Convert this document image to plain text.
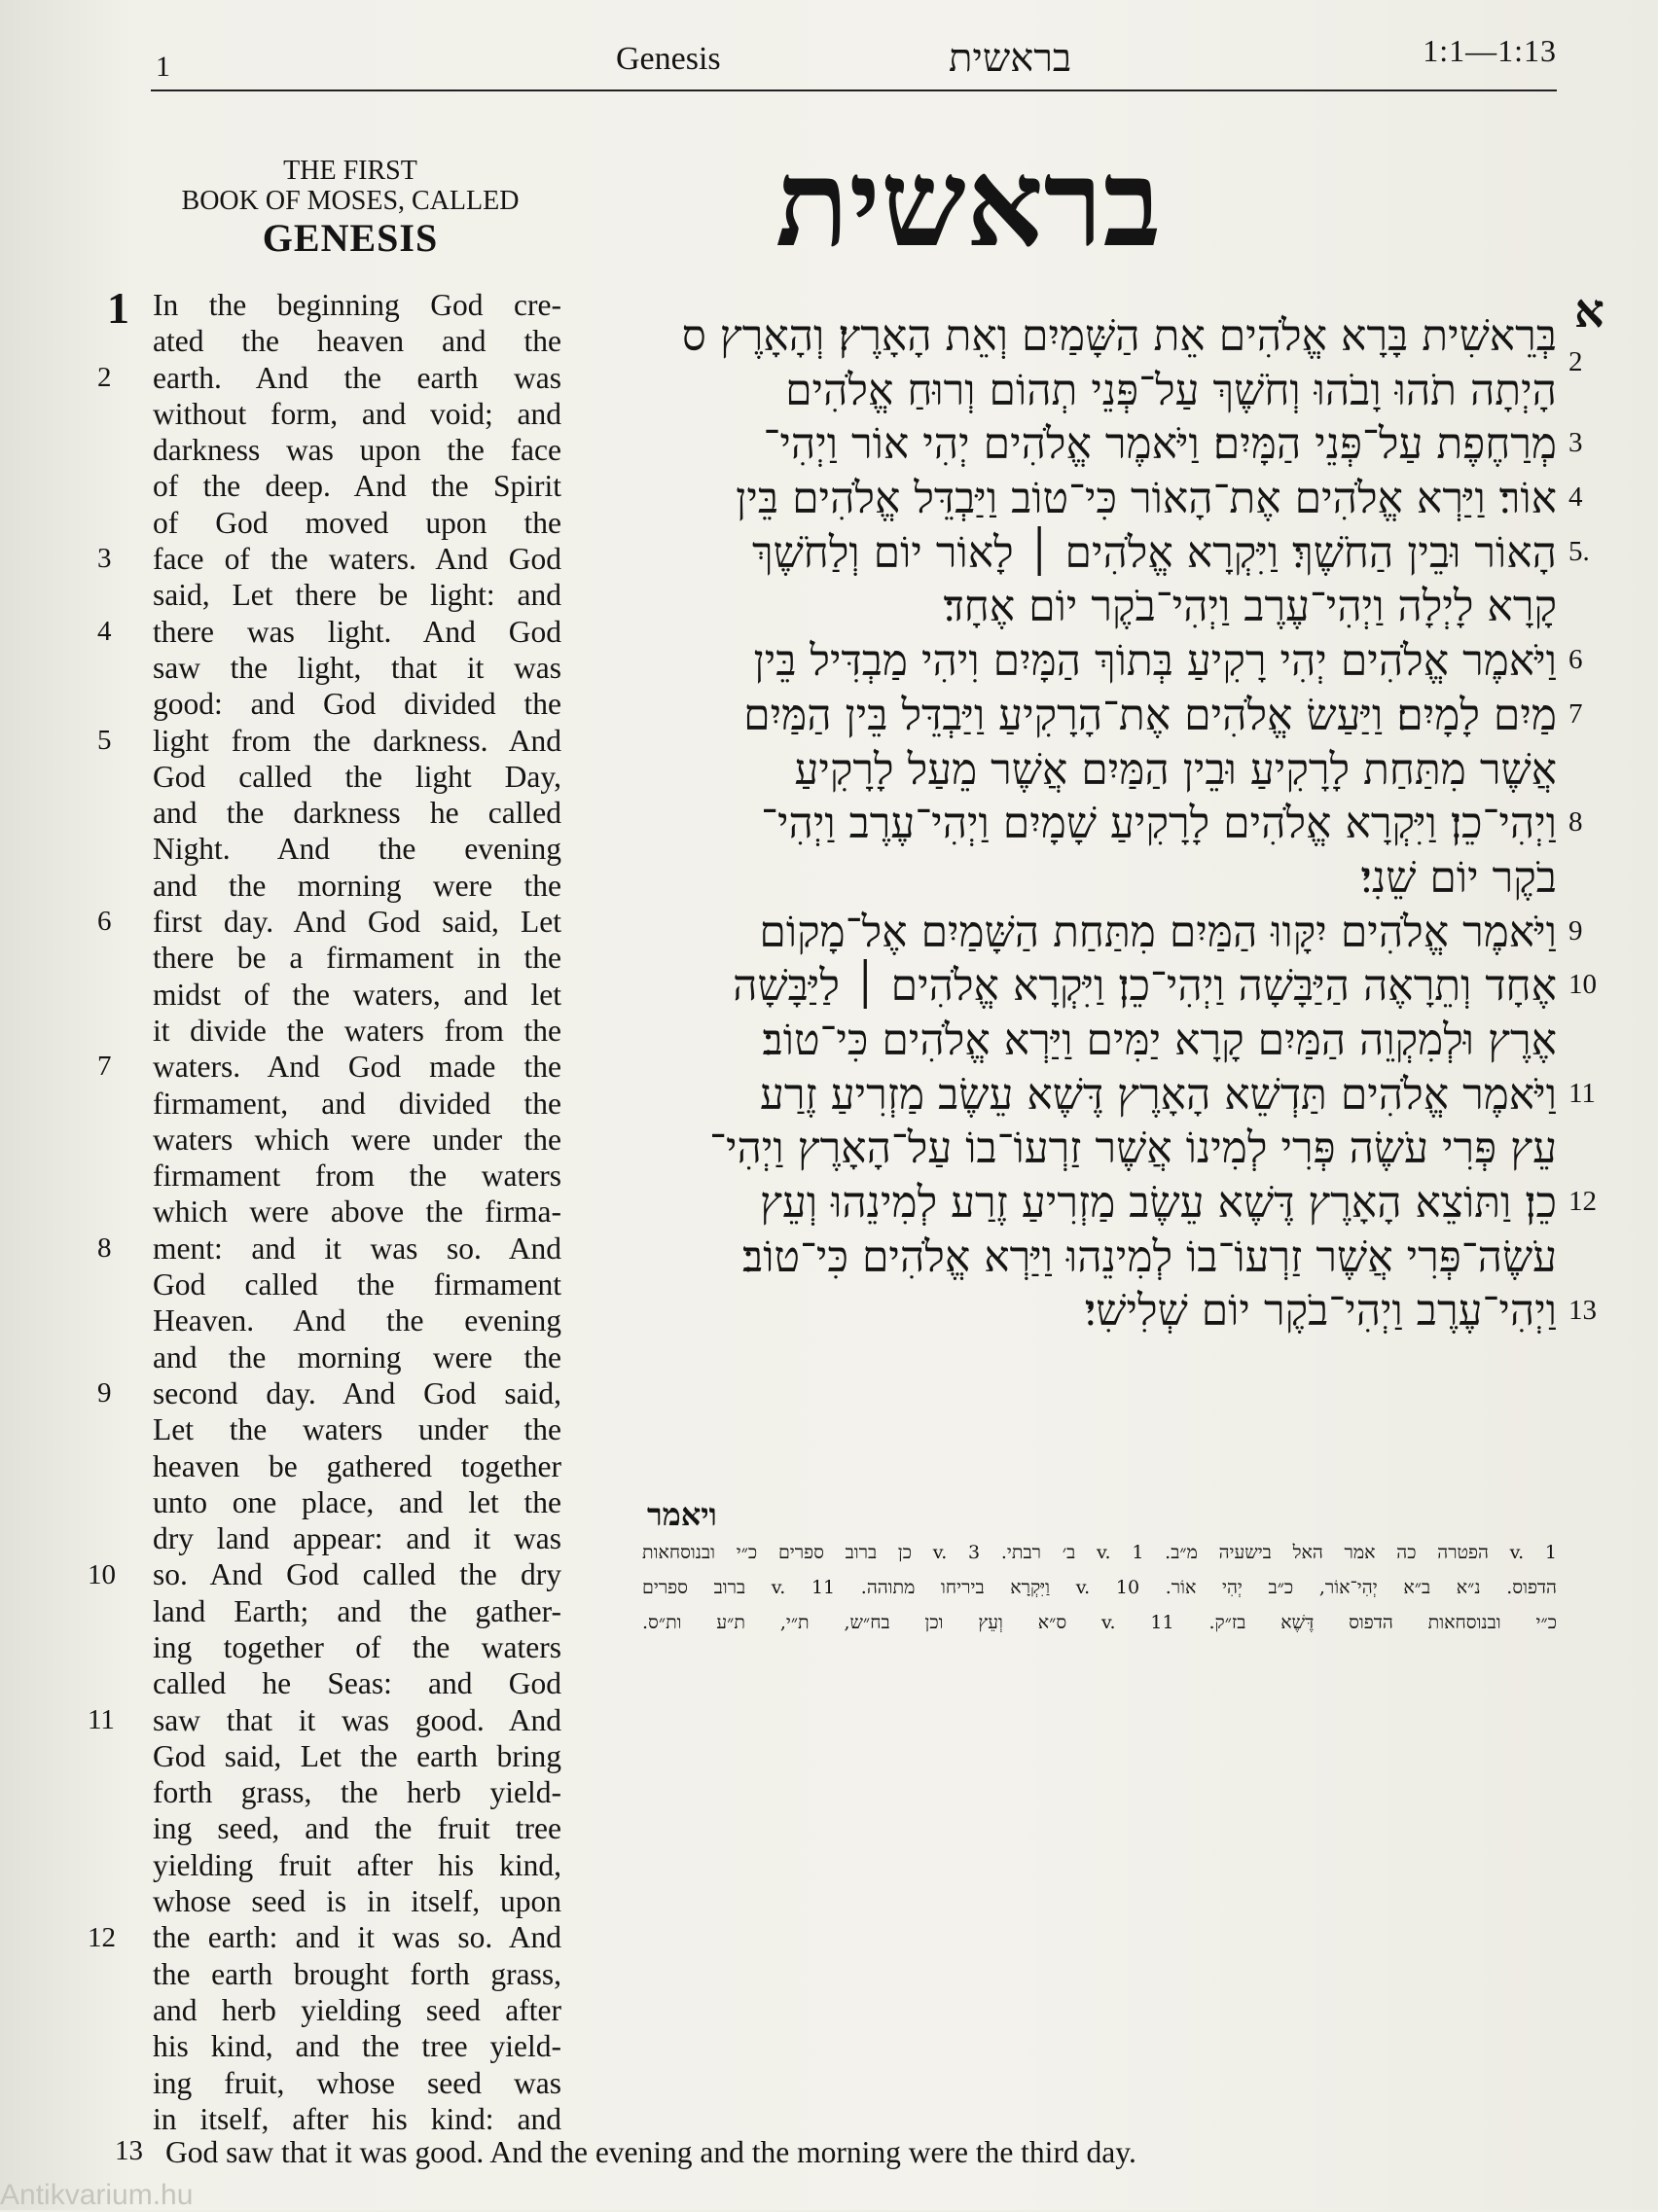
1	Genesis	בראשית	1:1—1:13
THE FIRST
BOOK OF MOSES, CALLED
GENESIS	בראשית
1
2
3
4
5
6
7
8
9
10
11
12
In the beginning God cre-
ated the heaven and the
earth. And the earth was
without form, and void; and
darkness was upon the face
of the deep. And the Spirit
of God moved upon the
face of the waters. And God
said, Let there be light: and
there was light. And God
saw the light, that it was
good: and God divided the
light from the darkness. And
God called the light Day,
and the darkness he called
Night. And the evening
and the morning were the
first day. And God said, Let
there be a firmament in the
midst of the waters, and let
it divide the waters from the
waters. And God made the
firmament, and divided the
waters which were under the
firmament from the waters
which were above the firma-
ment: and it was so. And
God called the firmament
Heaven. And the evening
and the morning were the
second day. And God said,
Let the waters under the
heaven be gathered together
unto one place, and let the
dry land appear: and it was
so. And God called the dry
land Earth; and the gather-
ing together of the waters
called he Seas: and God
saw that it was good. And
God said, Let the earth bring
forth grass, the herb yield-
ing seed, and the fruit tree
yielding fruit after his kind,
whose seed is in itself, upon
the earth: and it was so. And
the earth brought forth grass,
and herb yielding seed after
his kind, and the tree yield-
ing fruit, whose seed was
in itself, after his kind: and
13 God saw that it was good. And the evening and the morning were the third day.
א
בְּרֵאשִׁית בָּרָא אֱלֹהִים אֵת הַשָּׁמַיִם וְאֵת הָאָרֶץ׃ וְהָאָרֶץ ס
הָיְתָה תֹהוּ וָבֹהוּ וְחֹשֶׁךְ עַל־פְּנֵי תְהוֹם וְרוּחַ אֱלֹהִים
מְרַחֶפֶת עַל־פְּנֵי הַמָּיִם׃ וַיֹּאמֶר אֱלֹהִים יְהִי אוֹר וַיְהִי־
אוֹר׃ וַיַּרְא אֱלֹהִים אֶת־הָאוֹר כִּי־טוֹב וַיַּבְדֵּל אֱלֹהִים בֵּין
הָאוֹר וּבֵין הַחֹשֶׁךְ׃ וַיִּקְרָא אֱלֹהִים ׀ לָאוֹר יוֹם וְלַחֹשֶׁךְ
קָרָא לָיְלָה וַיְהִי־עֶרֶב וַיְהִי־בֹקֶר יוֹם אֶחָד׃
וַיֹּאמֶר אֱלֹהִים יְהִי רָקִיעַ בְּתוֹךְ הַמָּיִם וִיהִי מַבְדִּיל בֵּין
מַיִם לָמָיִם׃ וַיַּעַשׂ אֱלֹהִים אֶת־הָרָקִיעַ וַיַּבְדֵּל בֵּין הַמַּיִם
אֲשֶׁר מִתַּחַת לָרָקִיעַ וּבֵין הַמַּיִם אֲשֶׁר מֵעַל לָרָקִיעַ
וַיְהִי־כֵן׃ וַיִּקְרָא אֱלֹהִים לָרָקִיעַ שָׁמָיִם וַיְהִי־עֶרֶב וַיְהִי־
בֹקֶר יוֹם שֵׁנִי׃
וַיֹּאמֶר אֱלֹהִים יִקָּווּ הַמַּיִם מִתַּחַת הַשָּׁמַיִם אֶל־מָקוֹם
אֶחָד וְתֵרָאֶה הַיַּבָּשָׁה וַיְהִי־כֵן׃ וַיִּקְרָא אֱלֹהִים ׀ לַיַּבָּשָׁה
אֶרֶץ וּלְמִקְוֵה הַמַּיִם קָרָא יַמִּים וַיַּרְא אֱלֹהִים כִּי־טוֹב׃
וַיֹּאמֶר אֱלֹהִים תַּדְשֵׁא הָאָרֶץ דֶּשֶׁא עֵשֶׂב מַזְרִיעַ זֶרַע
עֵץ פְּרִי עֹשֶׂה פְּרִי לְמִינוֹ אֲשֶׁר זַרְעוֹ־בוֹ עַל־הָאָרֶץ וַיְהִי־
כֵן׃ וַתּוֹצֵא הָאָרֶץ דֶּשֶׁא עֵשֶׂב מַזְרִיעַ זֶרַע לְמִינֵהוּ וְעֵץ
עֹשֶׂה־פְּרִי אֲשֶׁר זַרְעוֹ־בוֹ לְמִינֵהוּ וַיַּרְא אֱלֹהִים כִּי־טוֹב׃
וַיְהִי־עֶרֶב וַיְהִי־בֹקֶר יוֹם שְׁלִישִׁי׃
2
3
4
5.
6
7
8
9
10
11
12
13
ויאמר
v. 1 הפטרה כה אמר האל בישעיה מ״ב. v. 1 ב׳ רבתי. v. 3 כן ברוב ספרים כ״י ובנוסחאות
הדפוס. נ״א ב״א יְהִי־אוֹר, כ״ב יְהִי אוֹר. v. 10 וַיִּקְרָא ביריחו מתוהה. v. 11 ברוב ספרים
כ״י ובנוסחאות הדפוס דֶּשֶׁא בז״ק. v. 11 ס״א וְעֵץ וכן בח״ש, ת״י, ת״ע ות״ס.
Antikvarium.hu
